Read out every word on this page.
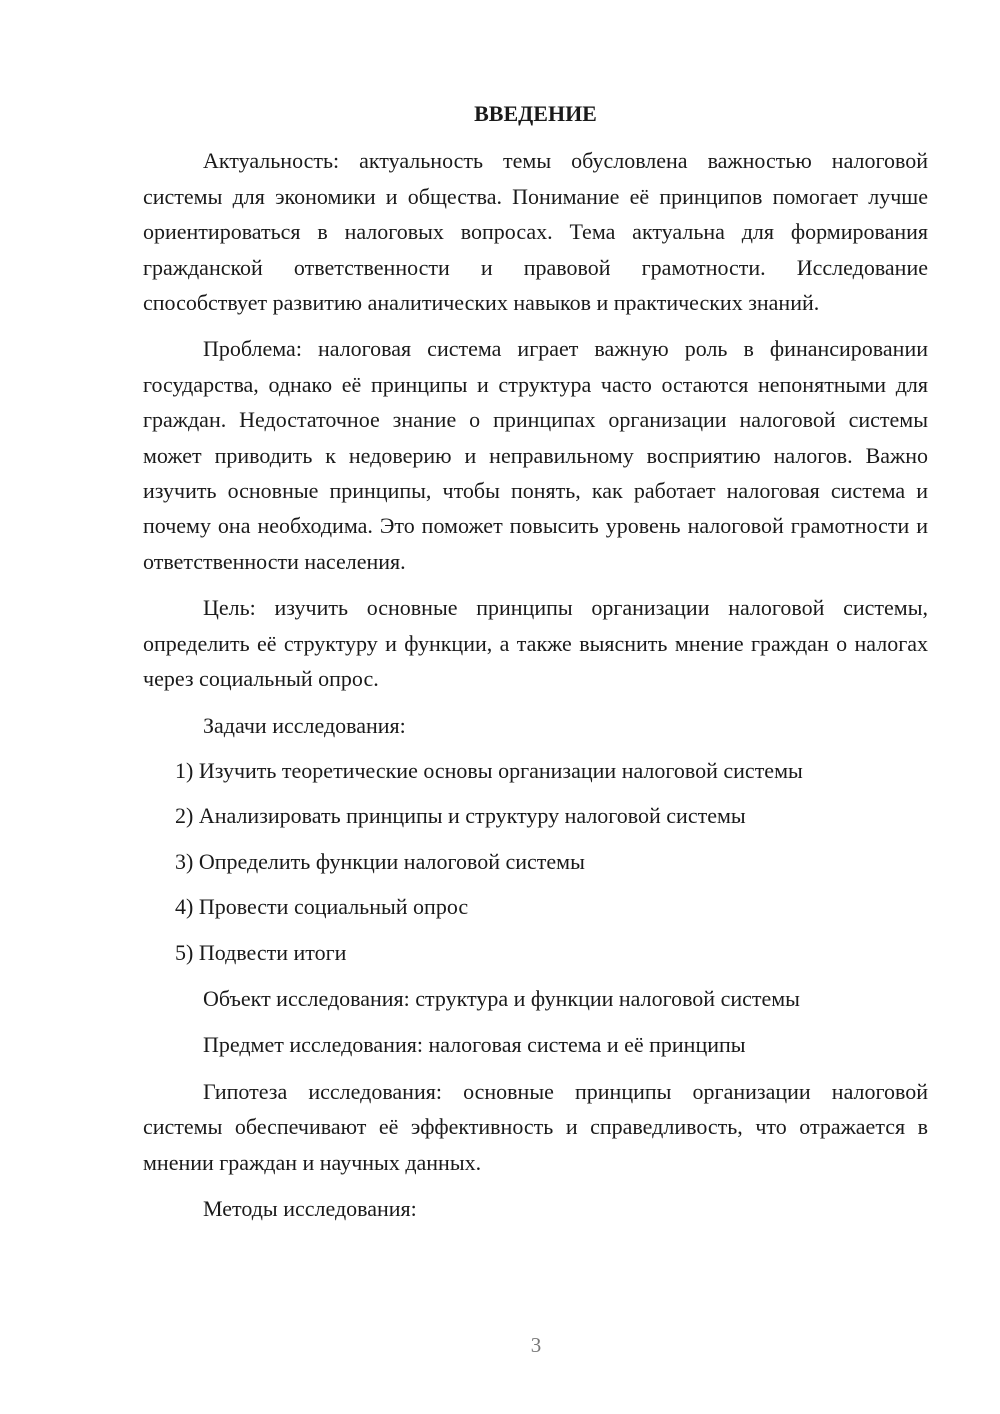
ВВЕДЕНИЕ

Актуальность: актуальность темы обусловлена важностью налоговой системы для экономики и общества. Понимание её принципов помогает лучше ориентироваться в налоговых вопросах. Тема актуальна для формирования гражданской ответственности и правовой грамотности. Исследование способствует развитию аналитических навыков и практических знаний.

Проблема: налоговая система играет важную роль в финансировании государства, однако её принципы и структура часто остаются непонятными для граждан. Недостаточное знание о принципах организации налоговой системы может приводить к недоверию и неправильному восприятию налогов. Важно изучить основные принципы, чтобы понять, как работает налоговая система и почему она необходима. Это поможет повысить уровень налоговой грамотности и ответственности населения.

Цель: изучить основные принципы организации налоговой системы, определить её структуру и функции, а также выяснить мнение граждан о налогах через социальный опрос.

Задачи исследования:

1) Изучить теоретические основы организации налоговой системы

2) Анализировать принципы и структуру налоговой системы

3) Определить функции налоговой системы

4) Провести социальный опрос

5) Подвести итоги

Объект исследования: структура и функции налоговой системы

Предмет исследования: налоговая система и её принципы

Гипотеза исследования: основные принципы организации налоговой системы обеспечивают её эффективность и справедливость, что отражается в мнении граждан и научных данных.

Методы исследования:

3
